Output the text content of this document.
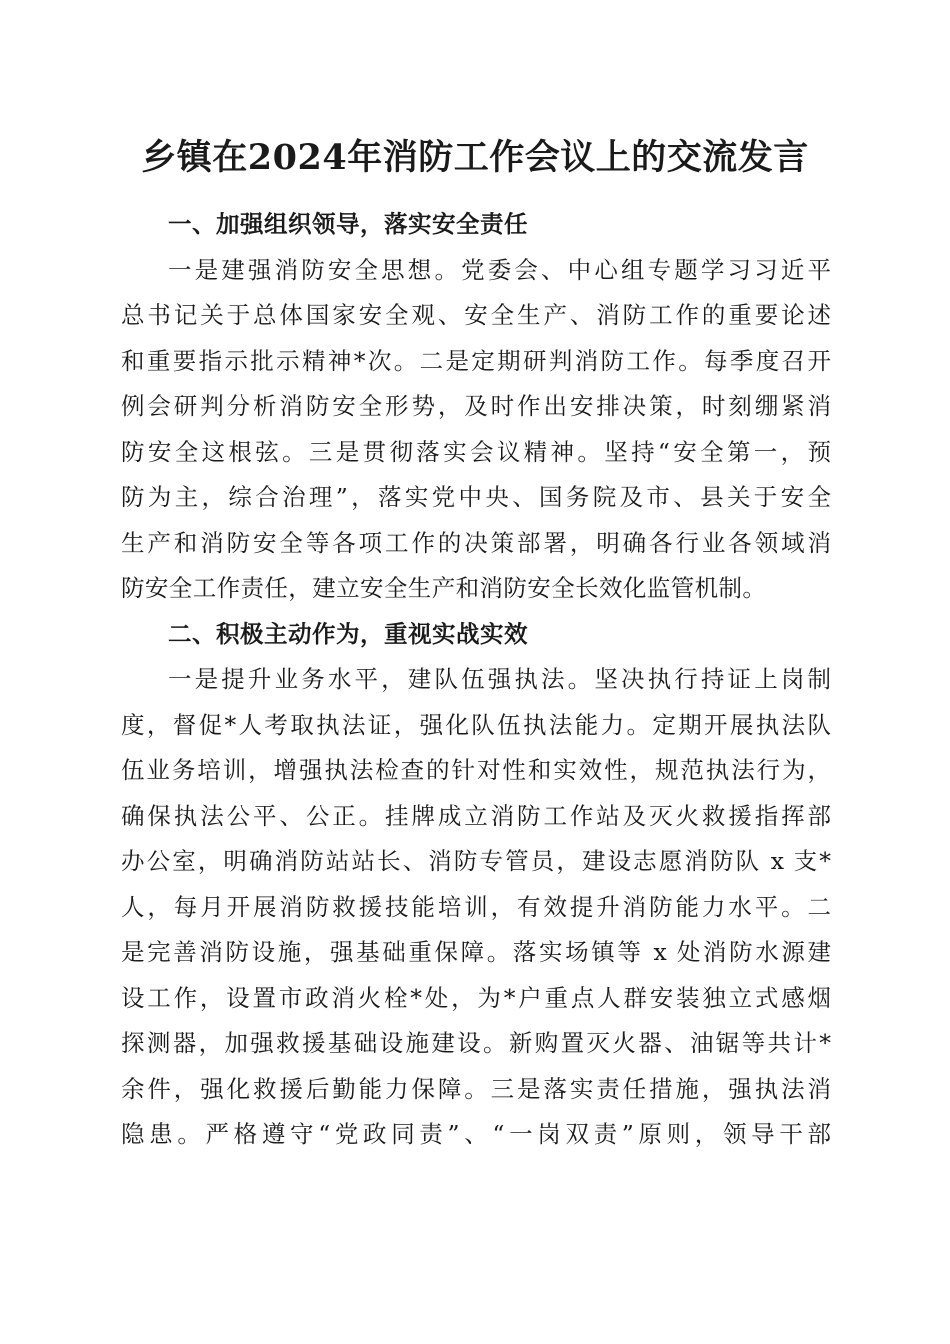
乡镇在2024年消防工作会议上的交流发言
一、加强组织领导，落实安全责任
一是建强消防安全思想。党委会、中心组专题学习习近平
总书记关于总体国家安全观、安全生产、消防工作的重要论述
和重要指示批示精神*次。二是定期研判消防工作。每季度召开
例会研判分析消防安全形势，及时作出安排决策，时刻绷紧消
防安全这根弦。三是贯彻落实会议精神。坚持“安全第一，预
防为主，综合治理”，落实党中央、国务院及市、县关于安全
生产和消防安全等各项工作的决策部署，明确各行业各领域消
防安全工作责任，建立安全生产和消防安全长效化监管机制。
二、积极主动作为，重视实战实效
一是提升业务水平，建队伍强执法。坚决执行持证上岗制
度，督促*人考取执法证，强化队伍执法能力。定期开展执法队
伍业务培训，增强执法检查的针对性和实效性，规范执法行为，
确保执法公平、公正。挂牌成立消防工作站及灭火救援指挥部
办公室，明确消防站站长、消防专管员，建设志愿消防队 x 支*
人，每月开展消防救援技能培训，有效提升消防能力水平。二
是完善消防设施，强基础重保障。落实场镇等 x 处消防水源建
设工作，设置市政消火栓*处，为*户重点人群安装独立式感烟
探测器，加强救援基础设施建设。新购置灭火器、油锯等共计*
余件，强化救援后勤能力保障。三是落实责任措施，强执法消
隐患。严格遵守“党政同责”、“一岗双责”原则，领导干部
